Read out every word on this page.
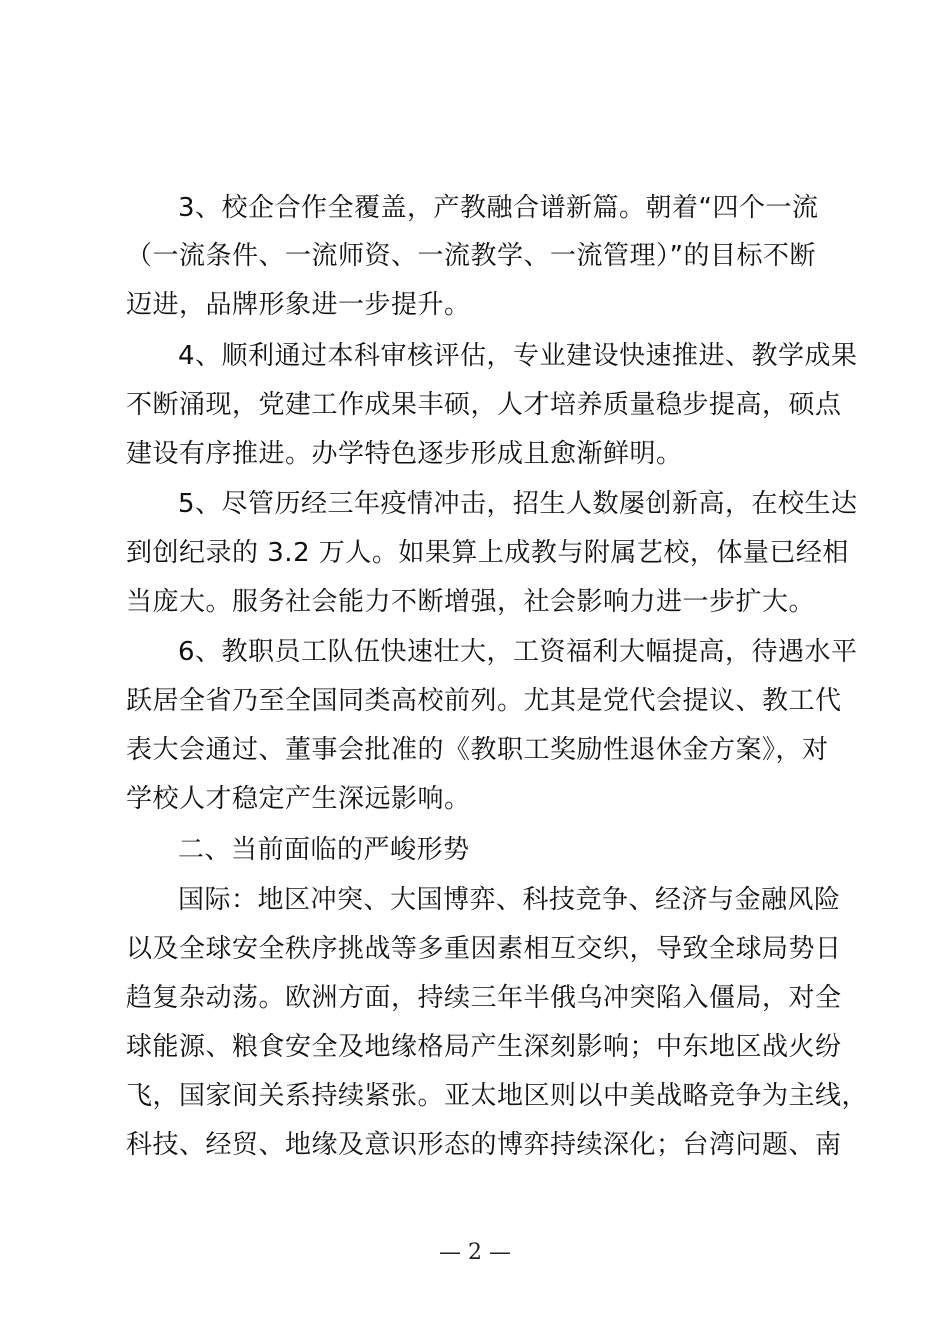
3、校企合作全覆盖，产教融合谱新篇。朝着“四个一流
（一流条件、一流师资、一流教学、一流管理）”的目标不断
迈进，品牌形象进一步提升。
4、顺利通过本科审核评估，专业建设快速推进、教学成果
不断涌现，党建工作成果丰硕，人才培养质量稳步提高，硕点
建设有序推进。办学特色逐步形成且愈渐鲜明。
5、尽管历经三年疫情冲击，招生人数屡创新高，在校生达
到创纪录的 3.2 万人。如果算上成教与附属艺校，体量已经相
当庞大。服务社会能力不断增强，社会影响力进一步扩大。
6、教职员工队伍快速壮大，工资福利大幅提高，待遇水平
跃居全省乃至全国同类高校前列。尤其是党代会提议、教工代
表大会通过、董事会批准的《教职工奖励性退休金方案》，对
学校人才稳定产生深远影响。
二、当前面临的严峻形势
国际：地区冲突、大国博弈、科技竞争、经济与金融风险
以及全球安全秩序挑战等多重因素相互交织，导致全球局势日
趋复杂动荡。欧洲方面，持续三年半俄乌冲突陷入僵局，对全
球能源、粮食安全及地缘格局产生深刻影响；中东地区战火纷
飞，国家间关系持续紧张。亚太地区则以中美战略竞争为主线，
科技、经贸、地缘及意识形态的博弈持续深化；台湾问题、南
— 2 —
